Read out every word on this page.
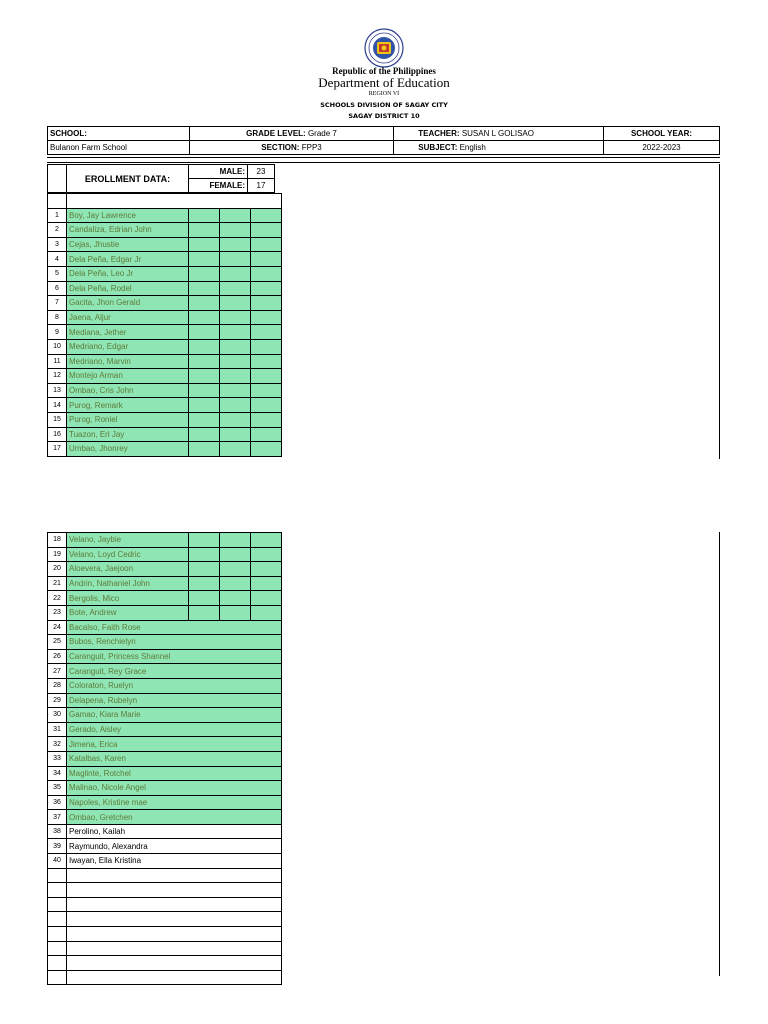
Republic of the Philippines
Department of Education
REGION VI
SCHOOLS DIVISION OF SAGAY CITY
SAGAY DISTRICT 10
SCHOOL:	GRADE LEVEL: Grade 7	TEACHER: SUSAN L GOLISAO	SCHOOL YEAR:
Bulanon Farm School	SECTION: FPP3	SUBJECT: English	2022-2023
	EROLLMENT DATA:	MALE:	23
		FEMALE:	17

1	Boy, Jay Lawrence			
2	Candaliza, Edrian John			
3	Cejas, Jhustie			
4	Dela Peña, Edgar Jr			
5	Dela Peña, Leo Jr			
6	Dela Peña, Rodel			
7	Gacita, Jhon Gerald			
8	Jaena, Aljur			
9	Mediana, Jether			
10	Medriano, Edgar			
11	Medriano, Marvin			
12	Montejo Arman			
13	Ombao, Cris John			
14	Purog, Remark			
15	Purog, Roniel			
16	Tuazon, Erl Jay			
17	Umbao, Jhonrey			
18	Velano, Jaybie			
19	Velano, Loyd Cedric			
20	Aloevera, Jaejoon			
21	Andrin, Nathaniel John			
22	Bergolis, Mico			
23	Bote, Andrew			
24	Bacalso, Faith Rose			
25	Bubos, Renchielyn			
26	Caranguit, Princess Shannel			
27	Caranguit, Rey Grace			
28	Coloraton, Ruelyn			
29	Delapena, Rubelyn			
30	Gamao, Kiara Marie			
31	Gerado, Aisley			
32	Jimena, Erica			
33	Katalbas, Karen			
34	Maglinte, Rotchel			
35	Malinao, Nicole Angel			
36	Napoles, Kristine mae			
37	Ombao, Gretchen			
38	Perolino, Kailah			
39	Raymundo, Alexandra			
40	Iwayan, Ella Kristina			
